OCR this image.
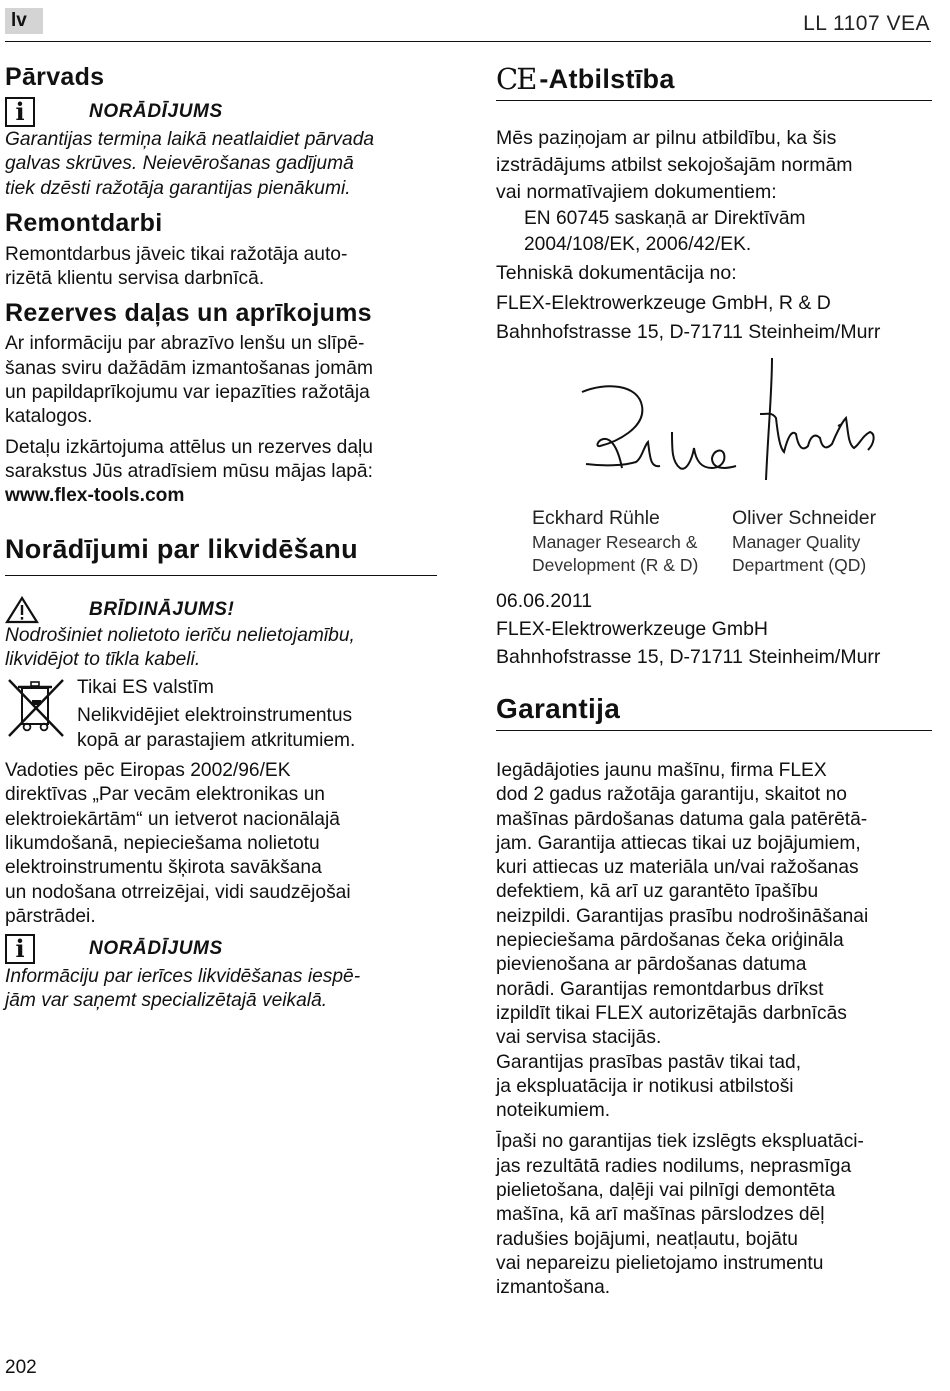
lv	LL 1107 VEA
Pārvads
i	NORĀDĪJUMS

Garantijas termiņa laikā neatlaidiet pārvada
galvas skrūves. Neievērošanas gadījumā
tiek dzēsti ražotāja garantijas pienākumi.

Remontdarbi

Remontdarbus jāveic tikai ražotāja auto-
rizētā klientu servisa darbnīcā.

Rezerves daļas un aprīkojums

Ar informāciju par abrazīvo lenšu un slīpē-
šanas sviru dažādām izmantošanas jomām
un papildaprīkojumu var iepazīties ražotāja
katalogos.

Detaļu izkārtojuma attēlus un rezerves daļu
sarakstus Jūs atradīsiem mūsu mājas lapā:

www.flex-tools.com

Norādījumi par likvidēšanu
BRĪDINĀJUMS!

Nodrošiniet nolietoto ierīču nelietojamību,
likvidējot to tīkla kabeli.

Tikai ES valstīm

Nelikvidējiet elektroinstrumentus
kopā ar parastajiem atkritumiem.

Vadoties pēc Eiropas 2002/96/EK
direktīvas „Par vecām elektronikas un
elektroiekārtām“ un ietverot nacionālajā
likumdošanā, nepieciešama nolietotu
elektroinstrumentu šķirota savākšana
un nodošana otrreizējai, vidi saudzējošai
pārstrādei.

i	NORĀDĪJUMS

Informāciju par ierīces likvidēšanas iespē-
jām var saņemt specializētajā veikalā.

CE -Atbilstība

Mēs paziņojam ar pilnu atbildību, ka šis
izstrādājums atbilst sekojošajām normām
vai normatīvajiem dokumentiem:

EN 60745 saskaņā ar Direktīvām
2004/108/EK, 2006/42/EK.

Tehniskā dokumentācija no:

FLEX-Elektrowerkzeuge GmbH, R & D

Bahnhofstrasse 15, D-71711 Steinheim/Murr

Eckhard Rühle
Manager Research &
Development (R & D)
Oliver Schneider
Manager Quality
Department (QD)

06.06.2011

FLEX-Elektrowerkzeuge GmbH

Bahnhofstrasse 15, D-71711 Steinheim/Murr

Garantija

Iegādājoties jaunu mašīnu, firma FLEX
dod 2 gadus ražotāja garantiju, skaitot no
mašīnas pārdošanas datuma gala patērētā-
jam. Garantija attiecas tikai uz bojājumiem,
kuri attiecas uz materiāla un/vai ražošanas
defektiem, kā arī uz garantēto īpašību
neizpildi. Garantijas prasību nodrošināšanai
nepieciešama pārdošanas čeka oriģināla
pievienošana ar pārdošanas datuma
norādi. Garantijas remontdarbus drīkst
izpildīt tikai FLEX autorizētajās darbnīcās
vai servisa stacijās.

Garantijas prasības pastāv tikai tad,
ja ekspluatācija ir notikusi atbilstoši
noteikumiem.

Īpaši no garantijas tiek izslēgts ekspluatāci-
jas rezultātā radies nodilums, neprasmīga
pielietošana, daļēji vai pilnīgi demontēta
mašīna, kā arī mašīnas pārslodzes dēļ
radušies bojājumi, neatļautu, bojātu
vai nepareizu pielietojamo instrumentu
izmantošana.

202
